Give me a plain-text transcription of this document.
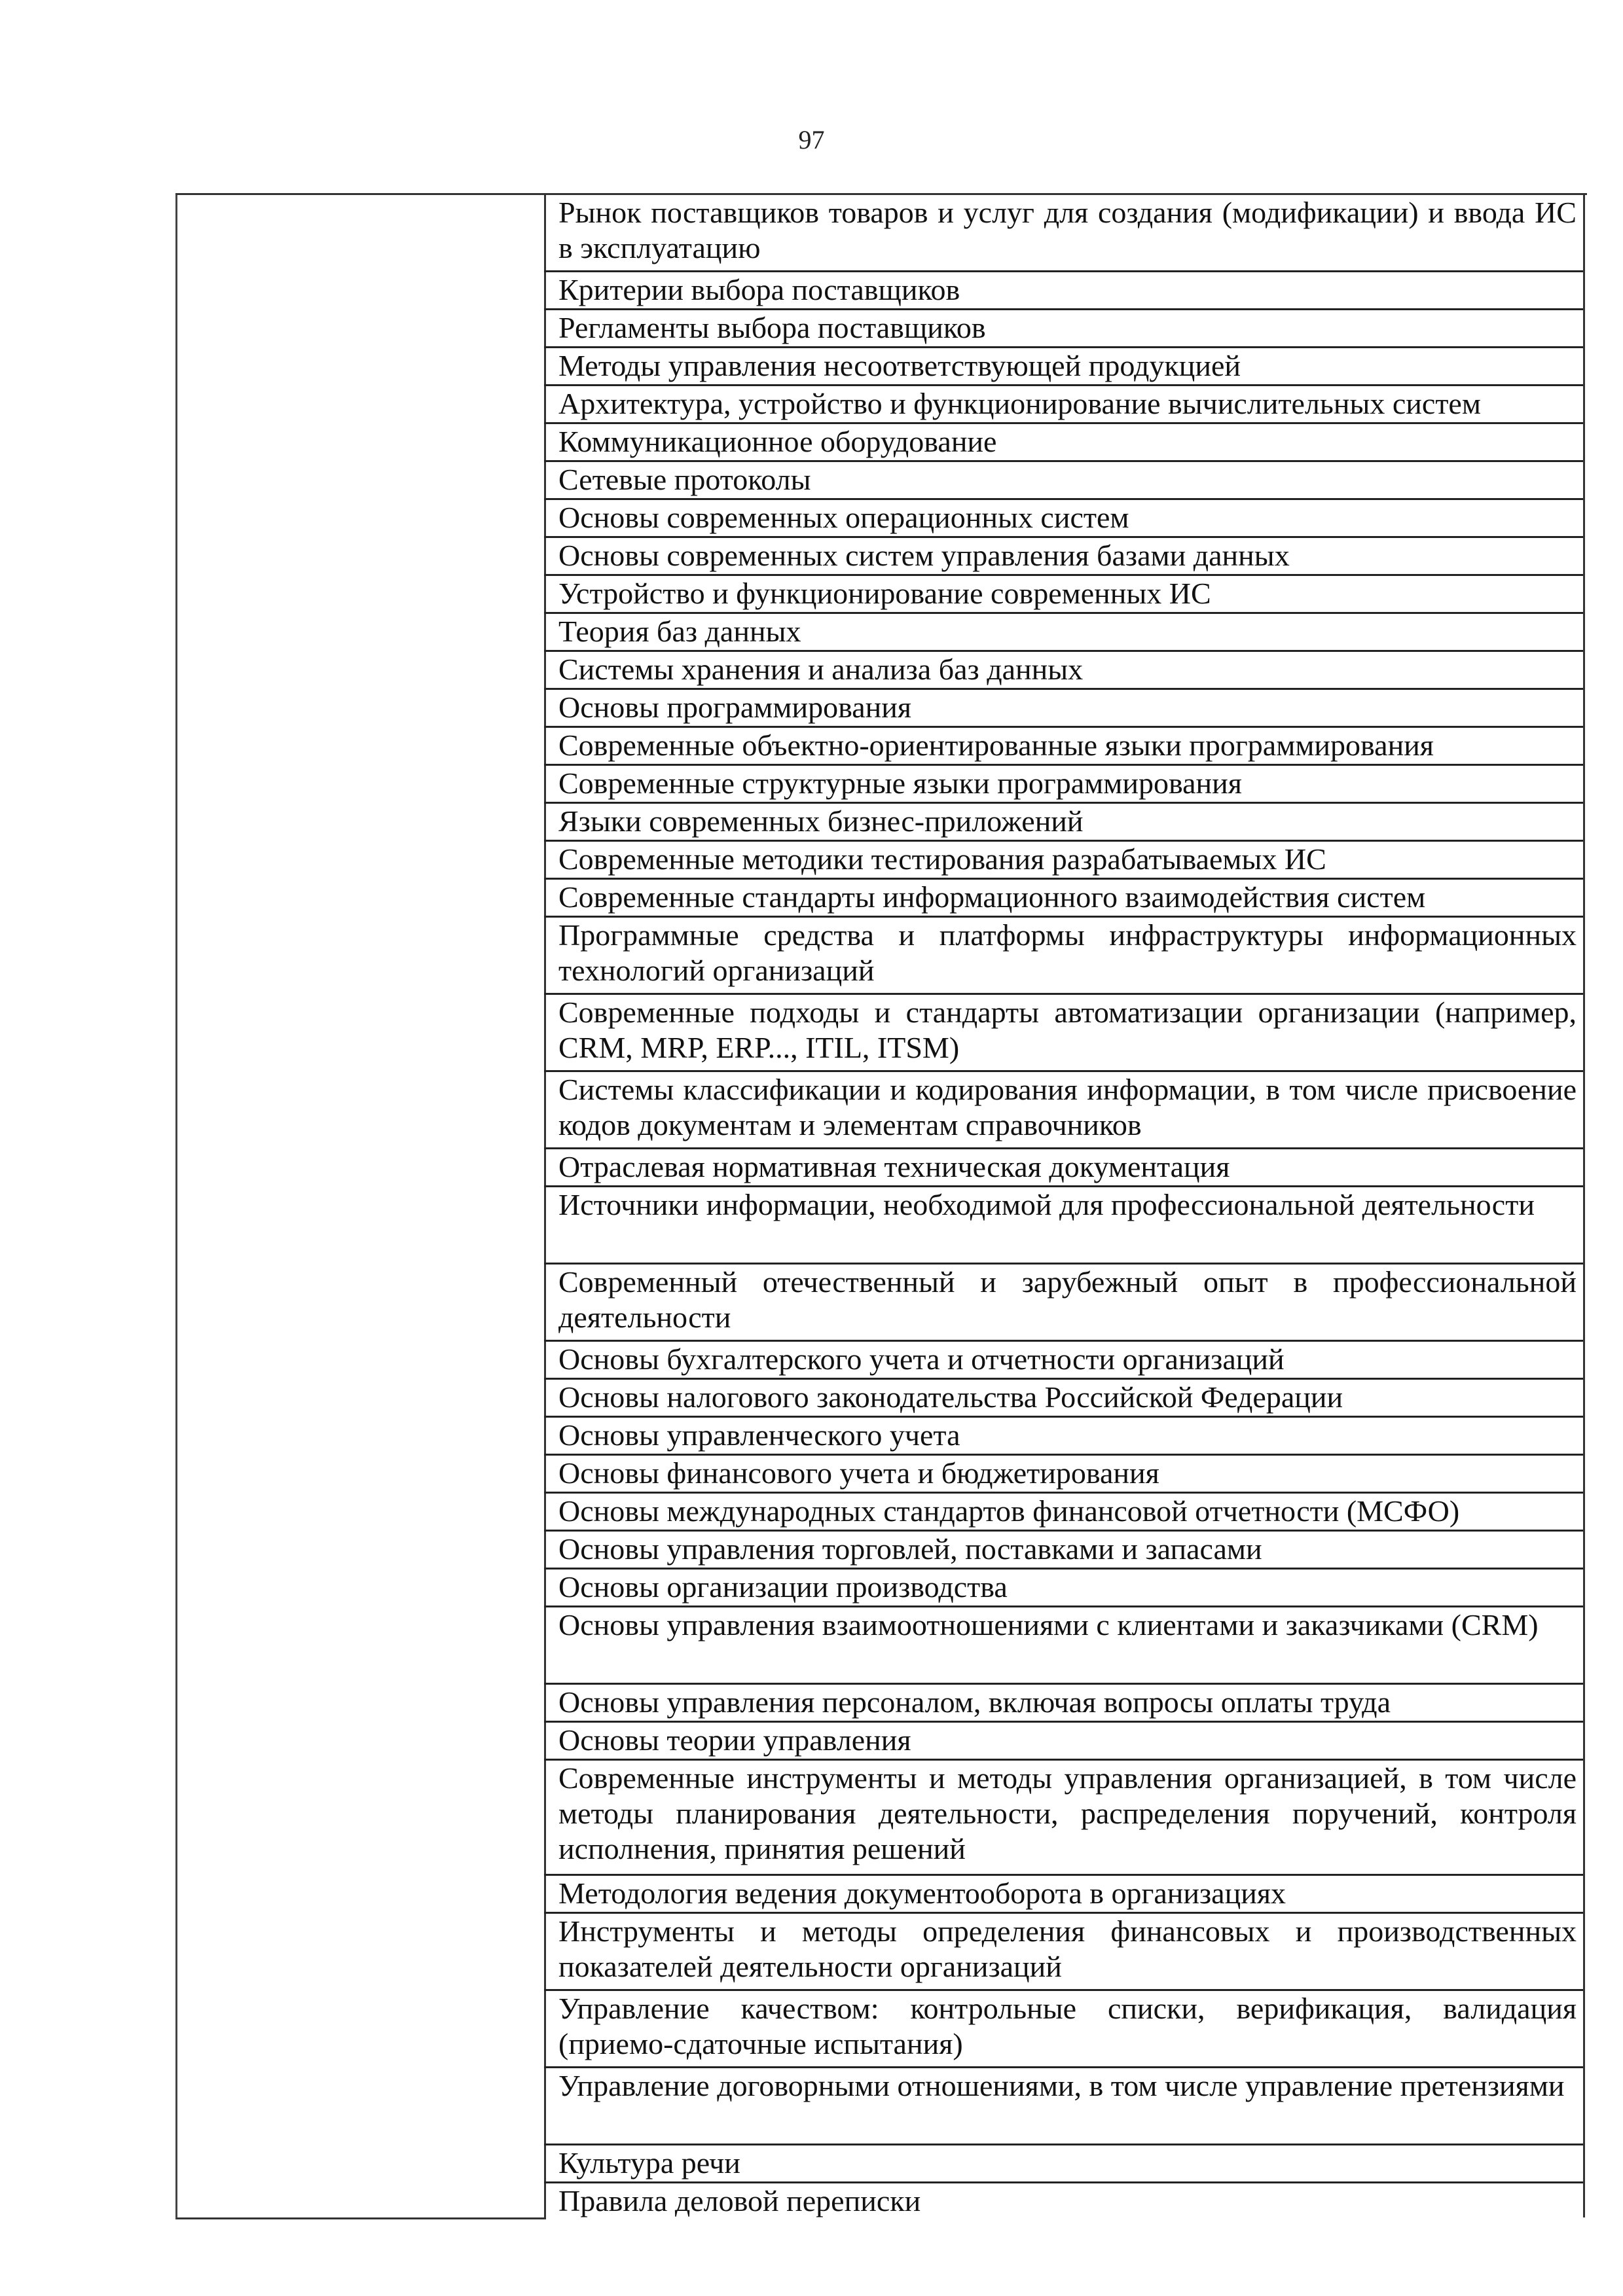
97
Рынок поставщиков товаров и услуг для создания (модификации) и ввода ИС в эксплуатацию
Критерии выбора поставщиков
Регламенты выбора поставщиков
Методы управления несоответствующей продукцией
Архитектура, устройство и функционирование вычислительных систем
Коммуникационное оборудование
Сетевые протоколы
Основы современных операционных систем
Основы современных систем управления базами данных
Устройство и функционирование современных ИС
Теория баз данных
Системы хранения и анализа баз данных
Основы программирования
Современные объектно-ориентированные языки программирования
Современные структурные языки программирования
Языки современных бизнес-приложений
Современные методики тестирования разрабатываемых ИС
Современные стандарты информационного взаимодействия систем
Программные средства и платформы инфраструктуры информационных технологий организаций
Современные подходы и стандарты автоматизации организации (например, CRM, MRP, ERP..., ITIL, ITSM)
Системы классификации и кодирования информации, в том числе присвоение кодов документам и элементам справочников
Отраслевая нормативная техническая документация
Источники информации, необходимой для профессиональной деятельности
Современный отечественный и зарубежный опыт в профессиональной деятельности
Основы бухгалтерского учета и отчетности организаций
Основы налогового законодательства Российской Федерации
Основы управленческого учета
Основы финансового учета и бюджетирования
Основы международных стандартов финансовой отчетности (МСФО)
Основы управления торговлей, поставками и запасами
Основы организации производства
Основы управления взаимоотношениями с клиентами и заказчиками (CRM)
Основы управления персоналом, включая вопросы оплаты труда
Основы теории управления
Современные инструменты и методы управления организацией, в том числе методы планирования деятельности, распределения поручений, контроля исполнения, принятия решений
Методология ведения документооборота в организациях
Инструменты и методы определения финансовых и производственных показателей деятельности организаций
Управление качеством: контрольные списки, верификация, валидация (приемо-сдаточные испытания)
Управление договорными отношениями, в том числе управление претензиями
Культура речи
Правила деловой переписки
